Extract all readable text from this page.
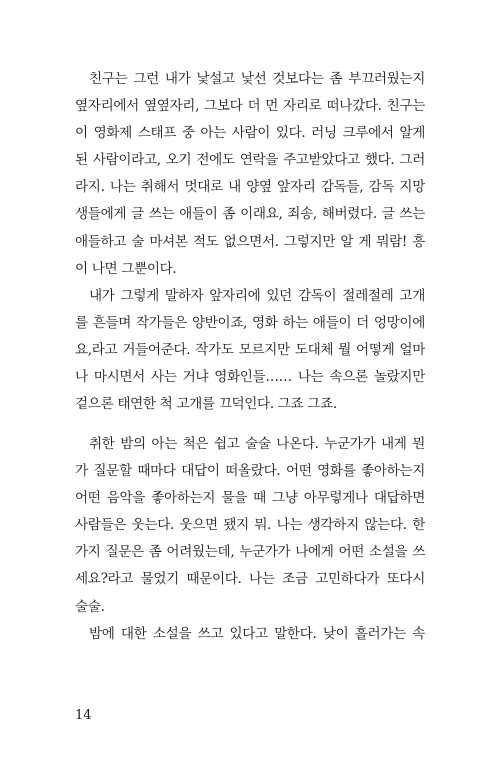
친구는 그런 내가 낯설고 낯선 것보다는 좀 부끄러웠는지
옆자리에서 옆옆자리, 그보다 더 먼 자리로 떠나갔다. 친구는
이 영화제 스태프 중 아는 사람이 있다. 러닝 크루에서 알게
된 사람이라고, 오기 전에도 연락을 주고받았다고 했다. 그러
라지. 나는 취해서 멋대로 내 양옆 앞자리 감독들, 감독 지망
생들에게 글 쓰는 애들이 좀 이래요, 죄송, 해버렸다. 글 쓰는
애들하고 술 마셔본 적도 없으면서. 그렇지만 알 게 뭐람! 흥
이 나면 그뿐이다.
내가 그렇게 말하자 앞자리에 있던 감독이 절레절레 고개
를 흔들며 작가들은 양반이죠, 영화 하는 애들이 더 엉망이에
요,라고 거들어준다. 작가도 모르지만 도대체 뭘 어떻게 얼마
나 마시면서 사는 거냐 영화인들…… 나는 속으론 놀랐지만
겉으론 태연한 척 고개를 끄덕인다. 그죠 그죠.
취한 밤의 아는 척은 쉽고 술술 나온다. 누군가가 내게 뭔
가 질문할 때마다 대답이 떠올랐다. 어떤 영화를 좋아하는지
어떤 음악을 좋아하는지 물을 때 그냥 아무렇게나 대답하면
사람들은 웃는다. 웃으면 됐지 뭐. 나는 생각하지 않는다. 한
가지 질문은 좀 어려웠는데, 누군가가 나에게 어떤 소설을 쓰
세요?라고 물었기 때문이다. 나는 조금 고민하다가 또다시
술술.
밤에 대한 소설을 쓰고 있다고 말한다. 낮이 흘러가는 속
14
